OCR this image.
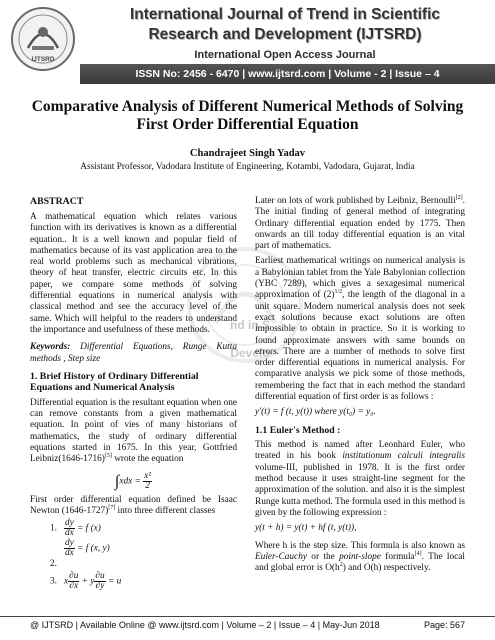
IJTSRD
International Journal of Trend in Scientific
Research and Development (IJTSRD)
International Open Access Journal
ISSN No: 2456 - 6470 | www.ijtsrd.com | Volume - 2 | Issue – 4
Comparative Analysis of Different Numerical Methods of Solving
First Order Differential Equation
Chandrajeet Singh Yadav
Assistant Professor, Vadodara Institute of Engineering, Kotambi, Vadodara, Gujarat, India
nd in S
Develo
ABSTRACT

A mathematical equation which relates various function with its derivatives is known as a differential equation.. It is a well known and popular field of mathematics because of its vast application area to the real world problems such as mechanical vibrations, theory of heat transfer, electric circuits etc. In this paper, we compare some methods of solving differential equations in numerical analysis with classical method and see the accuracy level of the same. Which will helpful to the readers to understand the importance and usefulness of these methods.

Keywords: Differential Equations, Runge Kutta methods , Step size

1. Brief History of Ordinary Differential Equations and Numerical Analysis

Differential equation is the resultant equation when one can remove constants from a given mathematical equation. In point of vies of many historians of mathematics, the study of ordinary differential equations started in 1675. In this year, Gottfried Leibniz(1646-1716)[5] wrote the equation

$\int xdx = \frac{\text{x²}}{2}$

First order differential equation defined be Isaac Newton (1646-1727)[7] into three different classes

1. $\frac{dy}{dx} = f$ (x)
$\frac{dy}{dx} = f$ (x, y)
2.
3. x $\frac{\partial u}{\partial x} + y \frac{\partial u}{\partial y} = u$

Later on lots of work published by Leibniz, Bernoulli[2]. The initial finding of general method of integrating Ordinary differential equation ended by 1775. Then onwards an till today differential equation is an vital part of mathematics.

Earliest mathematical writings on numerical analysis is a Babylonian tablet from the Yale Babylonian collection (YBC 7289), which gives a sexagesimal numerical approximation of $(2)^{1/2}$, the length of the diagonal in a unit square. Modern numerical analysis does not seek exact solutions because exact solutions are often impossible to obtain in practice. So it is working to found approximate answers with same bounds on errors. There are a number of methods to solve first order differential equations in numerical analysis. For comparative analysis we pick some of those methods, remembering the fact that in each method the standard differential equation of first order is as follows :

y′(t) = f (t, y(t)) where y(t₀) = y₀.
1.1 Euler's Method :

This method is named after Leonhard Euler, who treated in his book institutionum calculi integralis volume-III, published in 1978. It is the first order method because it uses straight-line segment for the approximation of the solution. and also it is the simplest Runge kutta method. The formula used in this method is given by the following expression :

y(t + h) = y(t) + hf (t, y(t)),

Where h is the step size. This formula is also known as Euler-Cauchy or the point-slope formula[4]. The local and global error is $O(h^2)$ and O(h) respectively.

@ IJTSRD | Available Online @ www.ijtsrd.com | Volume – 2 | Issue – 4 | May-Jun 2018	Page: 567
